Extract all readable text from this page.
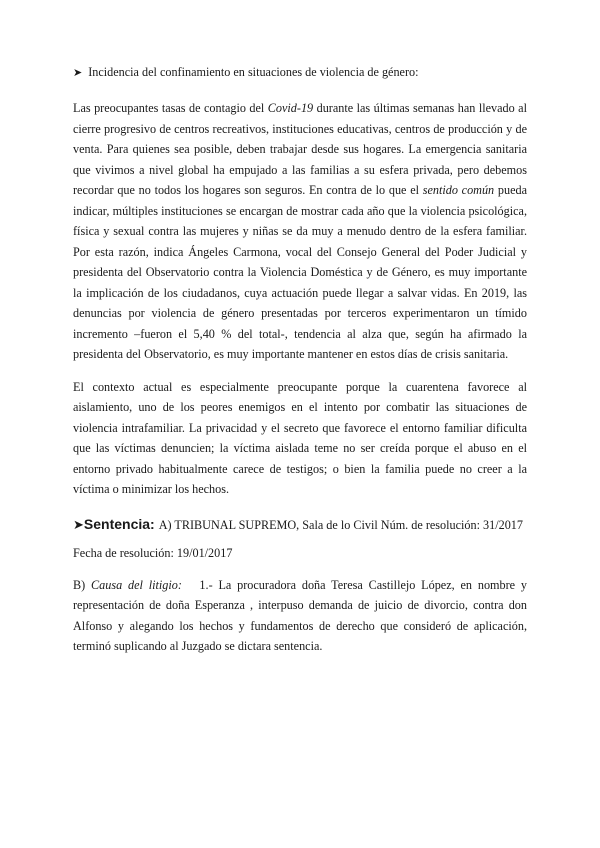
➤ Incidencia del confinamiento en situaciones de violencia de género:

Las preocupantes tasas de contagio del Covid-19 durante las últimas semanas han llevado al cierre progresivo de centros recreativos, instituciones educativas, centros de producción y de venta. Para quienes sea posible, deben trabajar desde sus hogares. La emergencia sanitaria que vivimos a nivel global ha empujado a las familias a su esfera privada, pero debemos recordar que no todos los hogares son seguros. En contra de lo que el sentido común pueda indicar, múltiples instituciones se encargan de mostrar cada año que la violencia psicológica, física y sexual contra las mujeres y niñas se da muy a menudo dentro de la esfera familiar. Por esta razón, indica Ángeles Carmona, vocal del Consejo General del Poder Judicial y presidenta del Observatorio contra la Violencia Doméstica y de Género, es muy importante la implicación de los ciudadanos, cuya actuación puede llegar a salvar vidas. En 2019, las denuncias por violencia de género presentadas por terceros experimentaron un tímido incremento –fueron el 5,40 % del total-, tendencia al alza que, según ha afirmado la presidenta del Observatorio, es muy importante mantener en estos días de crisis sanitaria.

El contexto actual es especialmente preocupante porque la cuarentena favorece al aislamiento, uno de los peores enemigos en el intento por combatir las situaciones de violencia intrafamiliar. La privacidad y el secreto que favorece el entorno familiar dificulta que las víctimas denuncien; la víctima aislada teme no ser creída porque el abuso en el entorno privado habitualmente carece de testigos; o bien la familia puede no creer a la víctima o minimizar los hechos.

➤Sentencia: A) TRIBUNAL SUPREMO, Sala de lo Civil Núm. de resolución: 31/2017
Fecha de resolución: 19/01/2017

B) Causa del litigio:   1.- La procuradora doña Teresa Castillejo López, en nombre y representación de doña Esperanza , interpuso demanda de juicio de divorcio, contra don Alfonso y alegando los hechos y fundamentos de derecho que consideró de aplicación, terminó suplicando al Juzgado se dictara sentencia.
